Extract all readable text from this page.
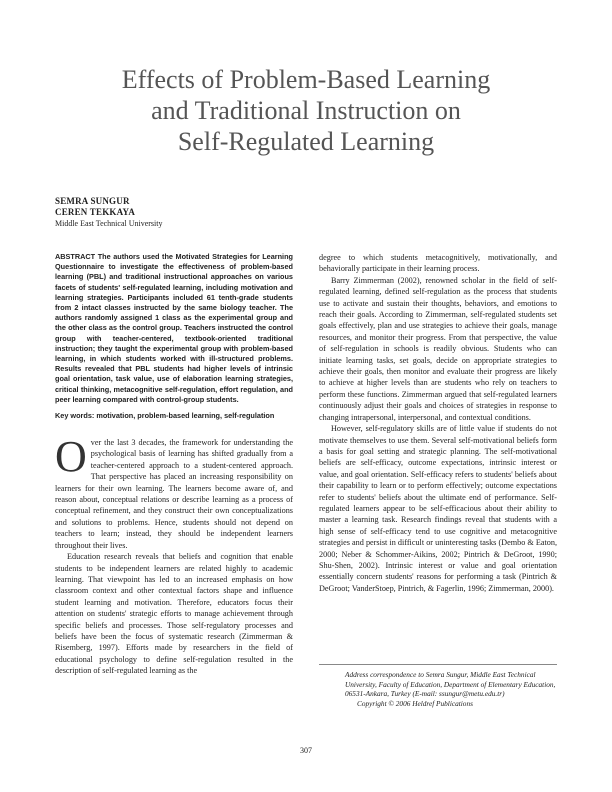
Effects of Problem-Based Learning
and Traditional Instruction on
Self-Regulated Learning
SEMRA SUNGUR
CEREN TEKKAYA
Middle East Technical University
ABSTRACT The authors used the Motivated Strategies for Learning Questionnaire to investigate the effectiveness of problem-based learning (PBL) and traditional instructional approaches on various facets of students' self-regulated learning, including motivation and learning strategies. Participants included 61 tenth-grade students from 2 intact classes instructed by the same biology teacher. The authors randomly assigned 1 class as the experimental group and the other class as the control group. Teachers instructed the control group with teacher-centered, textbook-oriented traditional instruction; they taught the experimental group with problem-based learning, in which students worked with ill-structured problems. Results revealed that PBL students had higher levels of intrinsic goal orientation, task value, use of elaboration learning strategies, critical thinking, metacognitive self-regulation, effort regulation, and peer learning compared with control-group students.
Key words: motivation, problem-based learning, self-regulation

Over the last 3 decades, the framework for understanding the psychological basis of learning has shifted gradually from a teacher-centered approach to a student-centered approach. That perspective has placed an increasing responsibility on learners for their own learning. The learners become aware of, and reason about, conceptual relations or describe learning as a process of conceptual refinement, and they construct their own conceptualizations and solutions to problems. Hence, students should not depend on teachers to learn; instead, they should be independent learners throughout their lives.

Education research reveals that beliefs and cognition that enable students to be independent learners are related highly to academic learning. That viewpoint has led to an increased emphasis on how classroom context and other contextual factors shape and influence student learning and motivation. Therefore, educators focus their attention on students' strategic efforts to manage achievement through specific beliefs and processes. Those self-regulatory processes and beliefs have been the focus of systematic research (Zimmerman & Risemberg, 1997). Efforts made by researchers in the field of educational psychology to define self-regulation resulted in the description of self-regulated learning as the

degree to which students metacognitively, motivationally, and behaviorally participate in their learning process.

Barry Zimmerman (2002), renowned scholar in the field of self-regulated learning, defined self-regulation as the process that students use to activate and sustain their thoughts, behaviors, and emotions to reach their goals. According to Zimmerman, self-regulated students set goals effectively, plan and use strategies to achieve their goals, manage resources, and monitor their progress. From that perspective, the value of self-regulation in schools is readily obvious. Students who can initiate learning tasks, set goals, decide on appropriate strategies to achieve their goals, then monitor and evaluate their progress are likely to achieve at higher levels than are students who rely on teachers to perform these functions. Zimmerman argued that self-regulated learners continuously adjust their goals and choices of strategies in response to changing intrapersonal, interpersonal, and contextual conditions.

However, self-regulatory skills are of little value if students do not motivate themselves to use them. Several self-motivational beliefs form a basis for goal setting and strategic planning. The self-motivational beliefs are self-efficacy, outcome expectations, intrinsic interest or value, and goal orientation. Self-efficacy refers to students' beliefs about their capability to learn or to perform effectively; outcome expectations refer to students' beliefs about the ultimate end of performance. Self-regulated learners appear to be self-efficacious about their ability to master a learning task. Research findings reveal that students with a high sense of self-efficacy tend to use cognitive and metacognitive strategies and persist in difficult or uninteresting tasks (Dembo & Eaton, 2000; Neber & Schommer-Aikins, 2002; Pintrich & DeGroot, 1990; Shu-Shen, 2002). Intrinsic interest or value and goal orientation essentially concern students' reasons for performing a task (Pintrich & DeGroot; VanderStoep, Pintrich, & Fagerlin, 1996; Zimmerman, 2000).

Address correspondence to Semra Sungur, Middle East Technical University, Faculty of Education, Department of Elementary Education, 06531-Ankara, Turkey (E-mail: ssungur@metu.edu.tr)
Copyright © 2006 Heldref Publications
307
